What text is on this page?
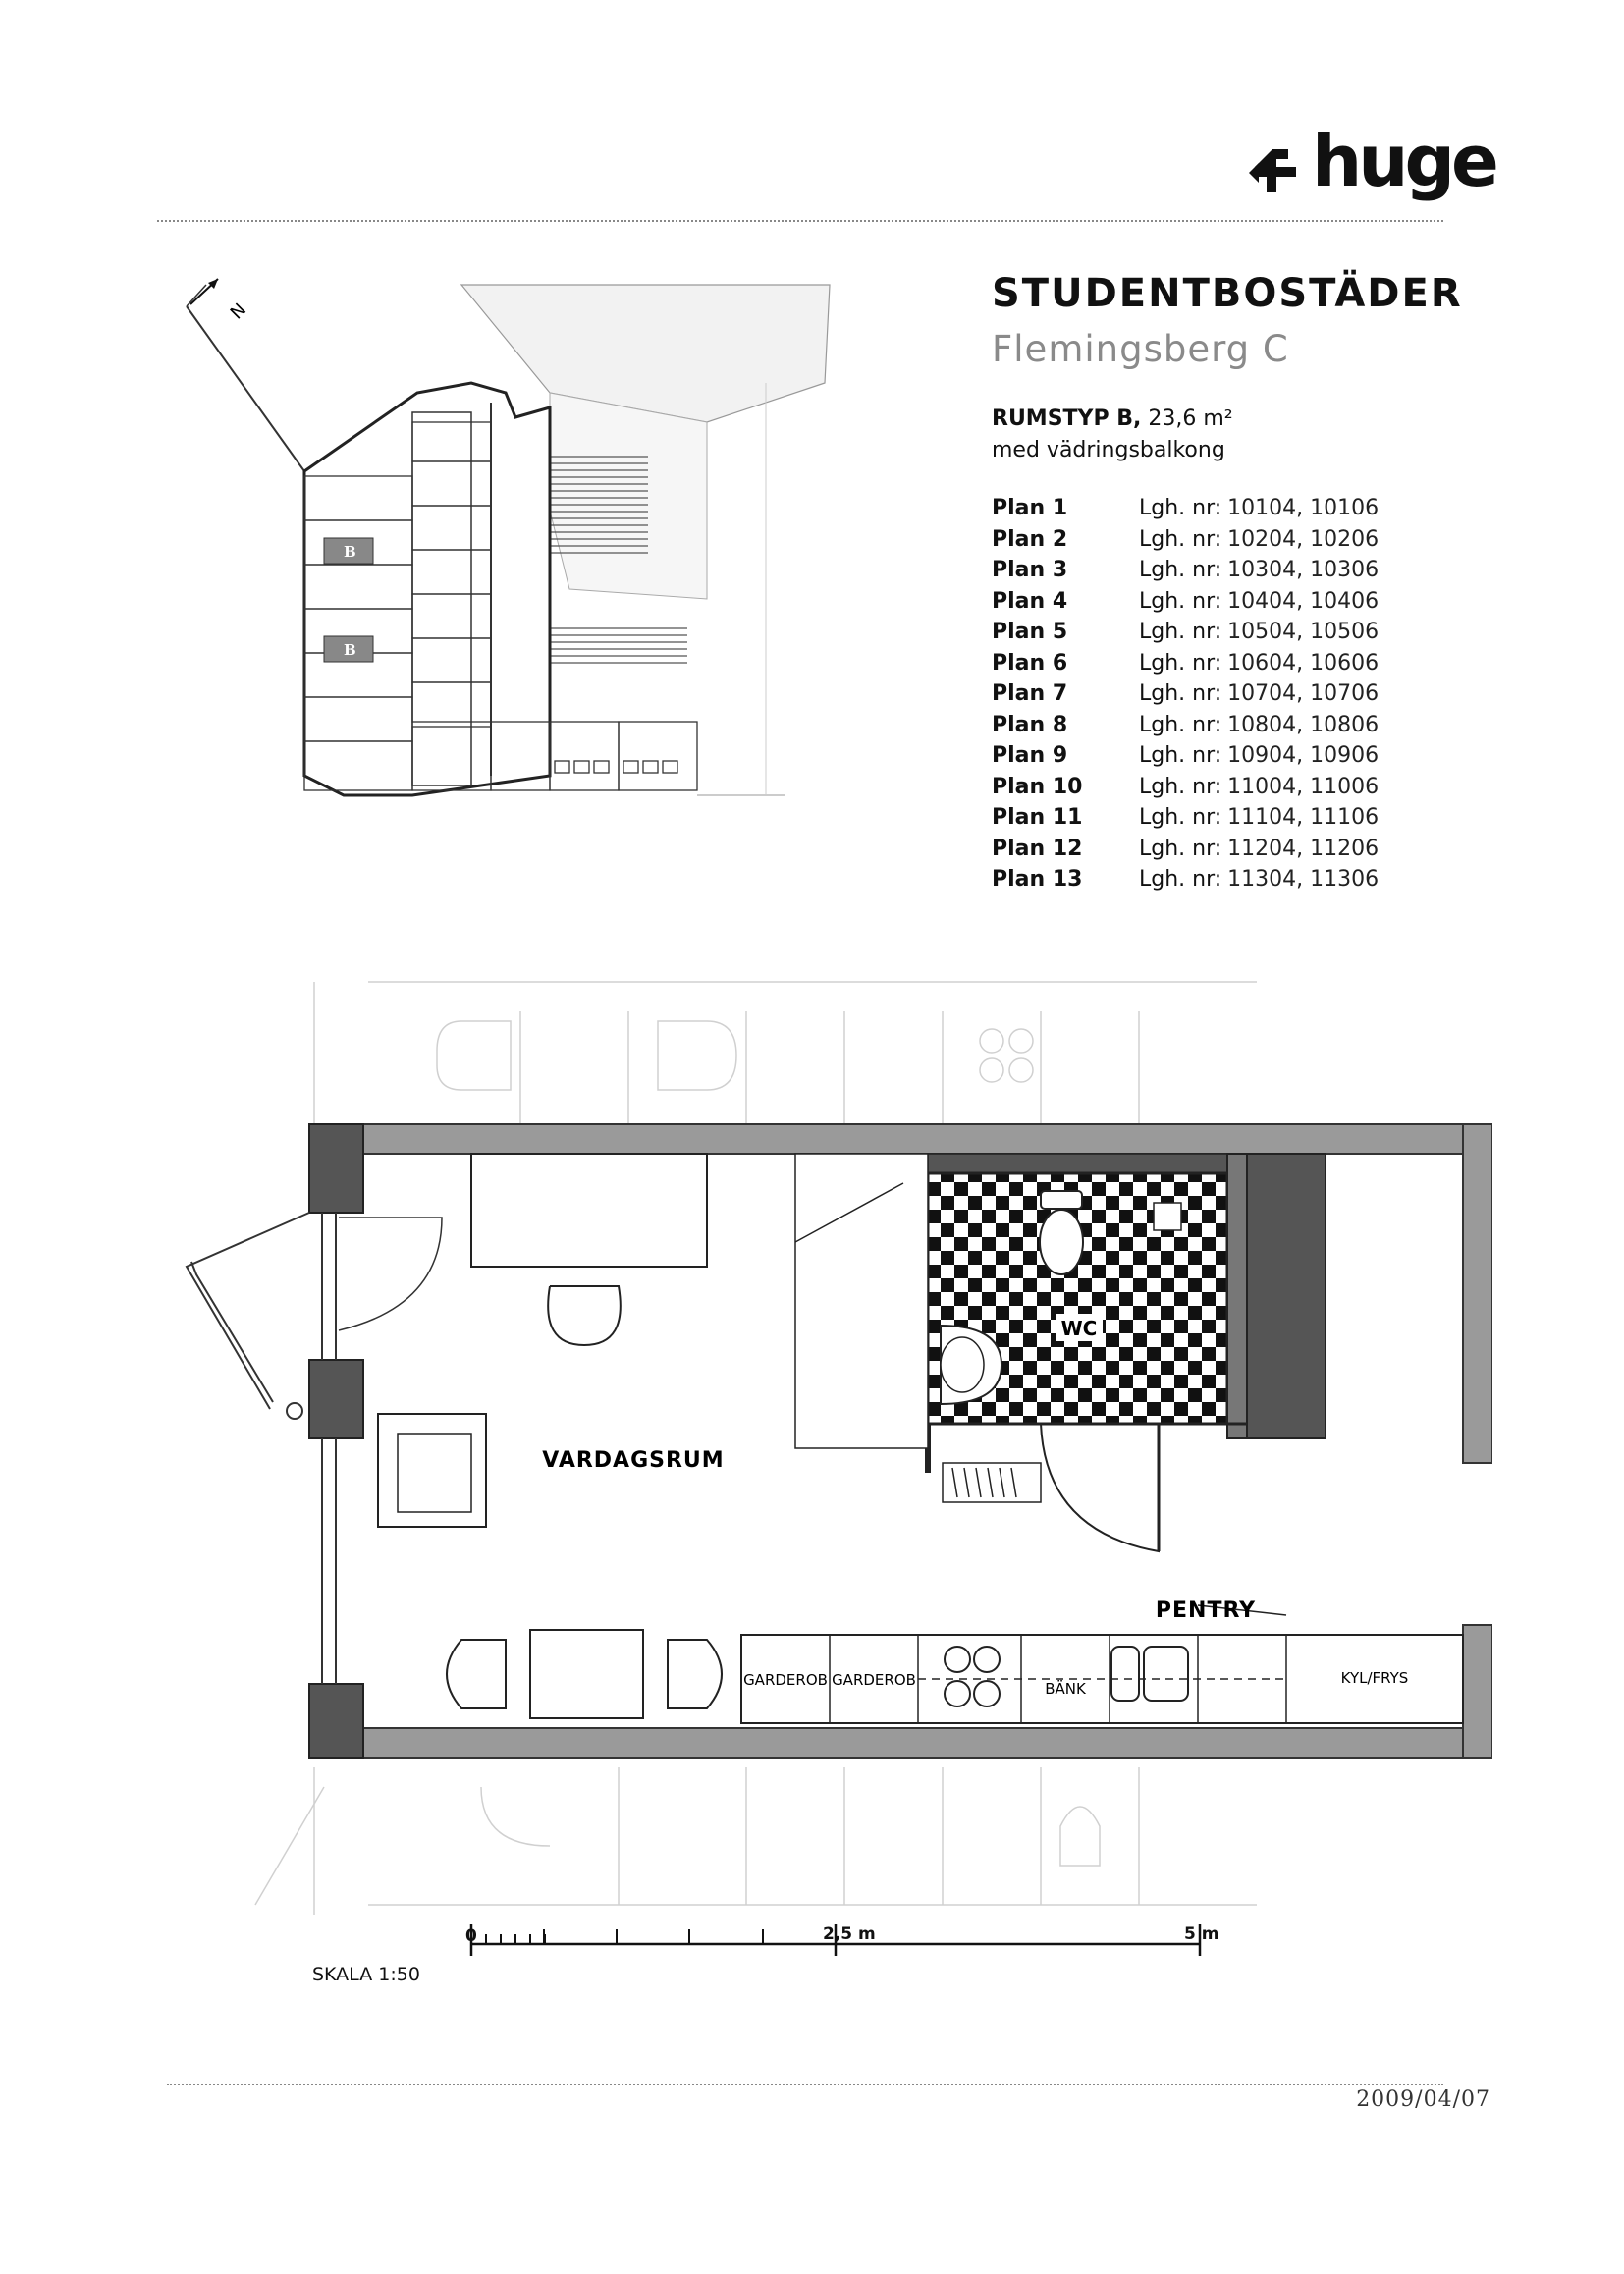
huge
STUDENTBOSTÄDER
Flemingsberg C
RUMSTYP B, 23,6 m²
med vädringsbalkong
Plan 1	Lgh. nr: 10104, 10106
Plan 2	Lgh. nr: 10204, 10206
Plan 3	Lgh. nr: 10304, 10306
Plan 4	Lgh. nr: 10404, 10406
Plan 5	Lgh. nr: 10504, 10506
Plan 6	Lgh. nr: 10604, 10606
Plan 7	Lgh. nr: 10704, 10706
Plan 8	Lgh. nr: 10804, 10806
Plan 9	Lgh. nr: 10904, 10906
Plan 10	Lgh. nr: 11004, 11006
Plan 11	Lgh. nr: 11104, 11106
Plan 12	Lgh. nr: 11204, 11206
Plan 13	Lgh. nr: 11304, 11306
N
B
B
WC
GARDEROB GARDEROB	BÄNK
KYL/FRYS
VARDAGSRUM
PENTRY
SKALA 1:50
0	2,5 m	5 m
2009/04/07
